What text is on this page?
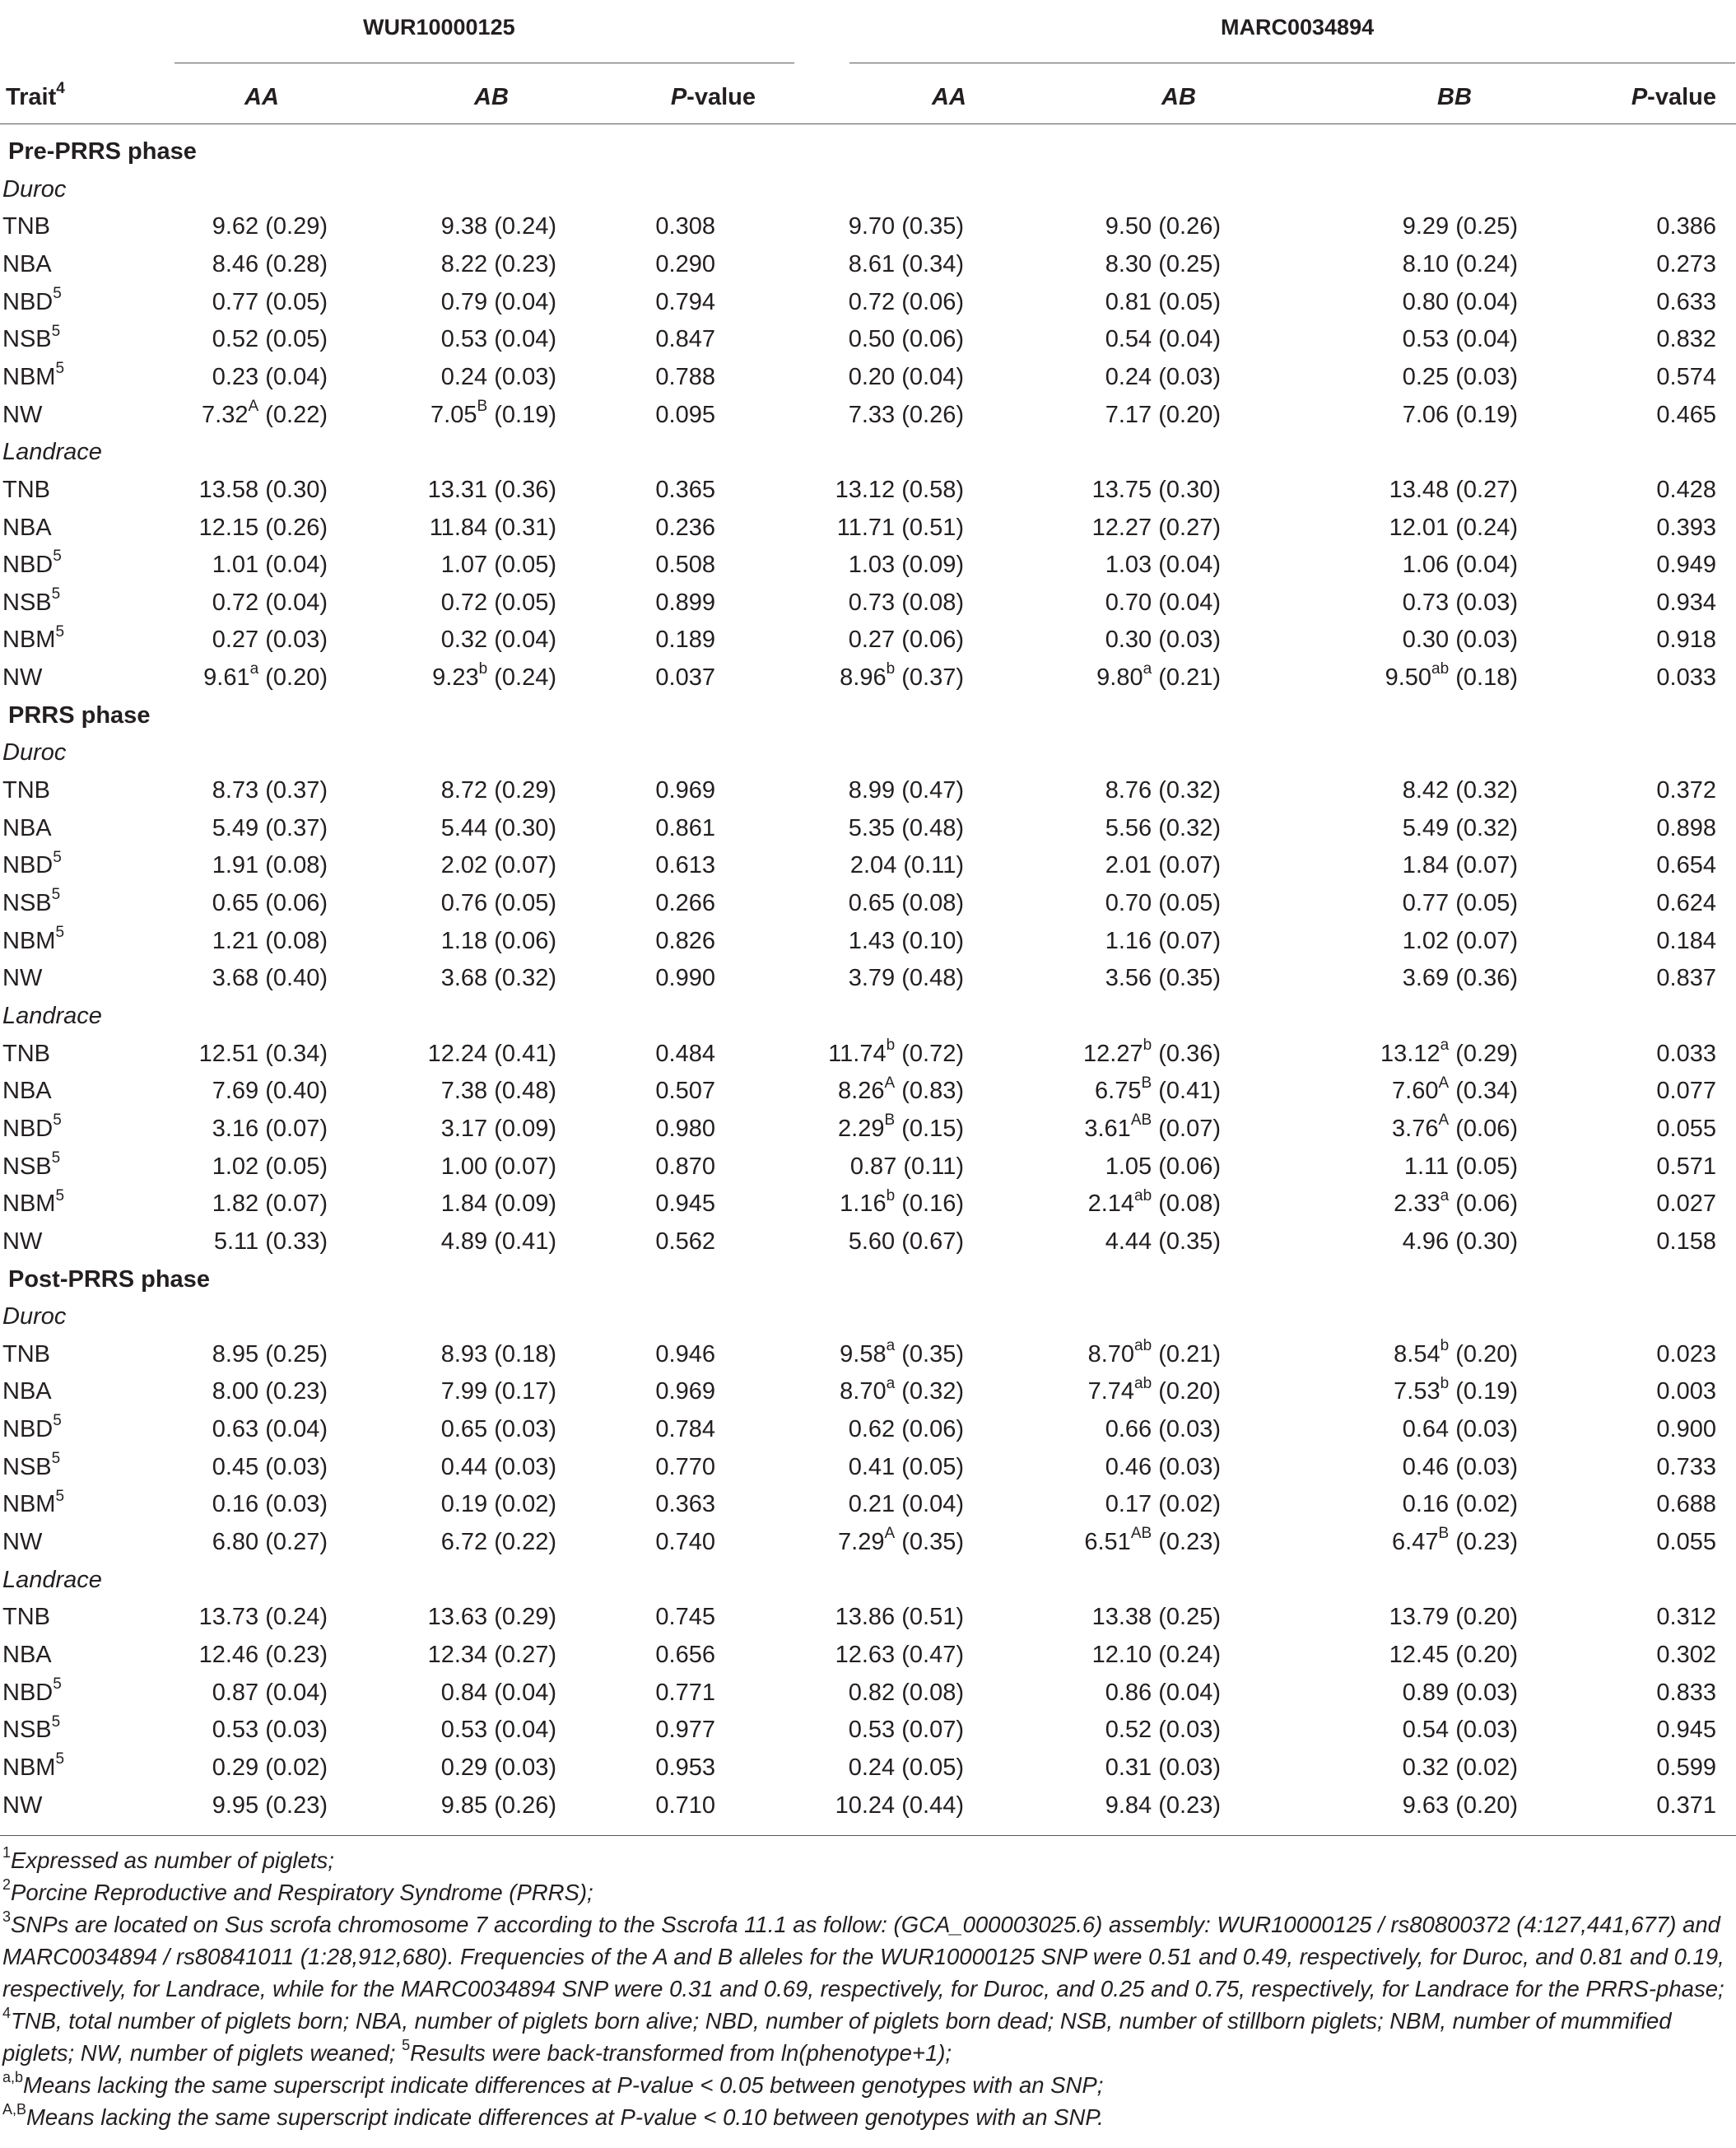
WUR10000125	MARC0034894
Trait$^4$	AA	AB	P-value	AA	AB	BB	P-value
Pre-PRRS phase
Duroc
TNB	9.62 (0.29)	9.38 (0.24)	0.308	9.70 (0.35)	9.50 (0.26)	9.29 (0.25)	0.386
NBA	8.46 (0.28)	8.22 (0.23)	0.290	8.61 (0.34)	8.30 (0.25)	8.10 (0.24)	0.273
NBD$^5$	0.77 (0.05)	0.79 (0.04)	0.794	0.72 (0.06)	0.81 (0.05)	0.80 (0.04)	0.633
NSB$^5$	0.52 (0.05)	0.53 (0.04)	0.847	0.50 (0.06)	0.54 (0.04)	0.53 (0.04)	0.832
NBM$^5$	0.23 (0.04)	0.24 (0.03)	0.788	0.20 (0.04)	0.24 (0.03)	0.25 (0.03)	0.574
NW	$7.32^A$ (0.22)	$7.05^B$ (0.19)	0.095	7.33 (0.26)	7.17 (0.20)	7.06 (0.19)	0.465
Landrace
TNB	13.58 (0.30)	13.31 (0.36)	0.365	13.12 (0.58)	13.75 (0.30)	13.48 (0.27)	0.428
NBA	12.15 (0.26)	11.84 (0.31)	0.236	11.71 (0.51)	12.27 (0.27)	12.01 (0.24)	0.393
NBD$^5$	1.01 (0.04)	1.07 (0.05)	0.508	1.03 (0.09)	1.03 (0.04)	1.06 (0.04)	0.949
NSB$^5$	0.72 (0.04)	0.72 (0.05)	0.899	0.73 (0.08)	0.70 (0.04)	0.73 (0.03)	0.934
NBM$^5$	0.27 (0.03)	0.32 (0.04)	0.189	0.27 (0.06)	0.30 (0.03)	0.30 (0.03)	0.918
NW	9.61$^a$ (0.20)	9.23$^b$ (0.24)	0.037	8.96$^b$ (0.37)	9.80$^a$ (0.21)	9.50$^{ab}$ (0.18)	0.033
PRRS phase
Duroc
TNB	8.73 (0.37)	8.72 (0.29)	0.969	8.99 (0.47)	8.76 (0.32)	8.42 (0.32)	0.372
NBA	5.49 (0.37)	5.44 (0.30)	0.861	5.35 (0.48)	5.56 (0.32)	5.49 (0.32)	0.898
NBD$^5$	1.91 (0.08)	2.02 (0.07)	0.613	2.04 (0.11)	2.01 (0.07)	1.84 (0.07)	0.654
NSB$^5$	0.65 (0.06)	0.76 (0.05)	0.266	0.65 (0.08)	0.70 (0.05)	0.77 (0.05)	0.624
NBM$^5$	1.21 (0.08)	1.18 (0.06)	0.826	1.43 (0.10)	1.16 (0.07)	1.02 (0.07)	0.184
NW	3.68 (0.40)	3.68 (0.32)	0.990	3.79 (0.48)	3.56 (0.35)	3.69 (0.36)	0.837
Landrace
TNB	12.51 (0.34)	12.24 (0.41)	0.484	11.74$^b$ (0.72)	12.27$^b$ (0.36)	13.12$^a$ (0.29)	0.033
NBA	7.69 (0.40)	7.38 (0.48)	0.507	$8.26^A$ (0.83)	$6.75^B$ (0.41)	$7.60^A$ (0.34)	0.077
NBD$^5$	3.16 (0.07)	3.17 (0.09)	0.980	$2.29^B$ (0.15)	$3.61^{AB}$ (0.07)	$3.76^A$ (0.06)	0.055
NSB$^5$	1.02 (0.05)	1.00 (0.07)	0.870	0.87 (0.11)	1.05 (0.06)	1.11 (0.05)	0.571
NBM$^5$	1.82 (0.07)	1.84 (0.09)	0.945	1.16$^b$ (0.16)	2.14$^{ab}$ (0.08)	2.33$^a$ (0.06)	0.027
NW	5.11 (0.33)	4.89 (0.41)	0.562	5.60 (0.67)	4.44 (0.35)	4.96 (0.30)	0.158
Post-PRRS phase
Duroc
TNB	8.95 (0.25)	8.93 (0.18)	0.946	9.58$^a$ (0.35)	8.70$^{ab}$ (0.21)	8.54$^b$ (0.20)	0.023
NBA	8.00 (0.23)	7.99 (0.17)	0.969	8.70$^a$ (0.32)	7.74$^{ab}$ (0.20)	7.53$^b$ (0.19)	0.003
NBD$^5$	0.63 (0.04)	0.65 (0.03)	0.784	0.62 (0.06)	0.66 (0.03)	0.64 (0.03)	0.900
NSB$^5$	0.45 (0.03)	0.44 (0.03)	0.770	0.41 (0.05)	0.46 (0.03)	0.46 (0.03)	0.733
NBM$^5$	0.16 (0.03)	0.19 (0.02)	0.363	0.21 (0.04)	0.17 (0.02)	0.16 (0.02)	0.688
NW	6.80 (0.27)	6.72 (0.22)	0.740	$7.29^A$ (0.35)	$6.51^{AB}$ (0.23)	$6.47^B$ (0.23)	0.055
Landrace
TNB	13.73 (0.24)	13.63 (0.29)	0.745	13.86 (0.51)	13.38 (0.25)	13.79 (0.20)	0.312
NBA	12.46 (0.23)	12.34 (0.27)	0.656	12.63 (0.47)	12.10 (0.24)	12.45 (0.20)	0.302
NBD$^5$	0.87 (0.04)	0.84 (0.04)	0.771	0.82 (0.08)	0.86 (0.04)	0.89 (0.03)	0.833
NSB$^5$	0.53 (0.03)	0.53 (0.04)	0.977	0.53 (0.07)	0.52 (0.03)	0.54 (0.03)	0.945
NBM$^5$	0.29 (0.02)	0.29 (0.03)	0.953	0.24 (0.05)	0.31 (0.03)	0.32 (0.02)	0.599
NW	9.95 (0.23)	9.85 (0.26)	0.710	10.24 (0.44)	9.84 (0.23)	9.63 (0.20)	0.371

$^1$Expressed as number of piglets;

$^2$Porcine Reproductive and Respiratory Syndrome (PRRS);

$^3$SNPs are located on Sus scrofa chromosome 7 according to the Sscrofa 11.1 as follow: (GCA_000003025.6) assembly: WUR10000125 / rs80800372 (4:127,441,677) and MARC0034894 / rs80841011 (1:28,912,680). Frequencies of the A and B alleles for the WUR10000125 SNP were 0.51 and 0.49, respectively, for Duroc, and 0.81 and 0.19, respectively, for Landrace, while for the MARC0034894 SNP were 0.31 and 0.69, respectively, for Duroc, and 0.25 and 0.75, respectively, for Landrace for the PRRS-phase;

$^4$TNB, total number of piglets born; NBA, number of piglets born alive; NBD, number of piglets born dead; NSB, number of stillborn piglets; NBM, number of mummified piglets; NW, number of piglets weaned; $^5$Results were back-transformed from ln(phenotype+1);

$^{a,b}$Means lacking the same superscript indicate differences at P-value < 0.05 between genotypes with an SNP;

$^{A,B}$Means lacking the same superscript indicate differences at P-value < 0.10 between genotypes with an SNP.
